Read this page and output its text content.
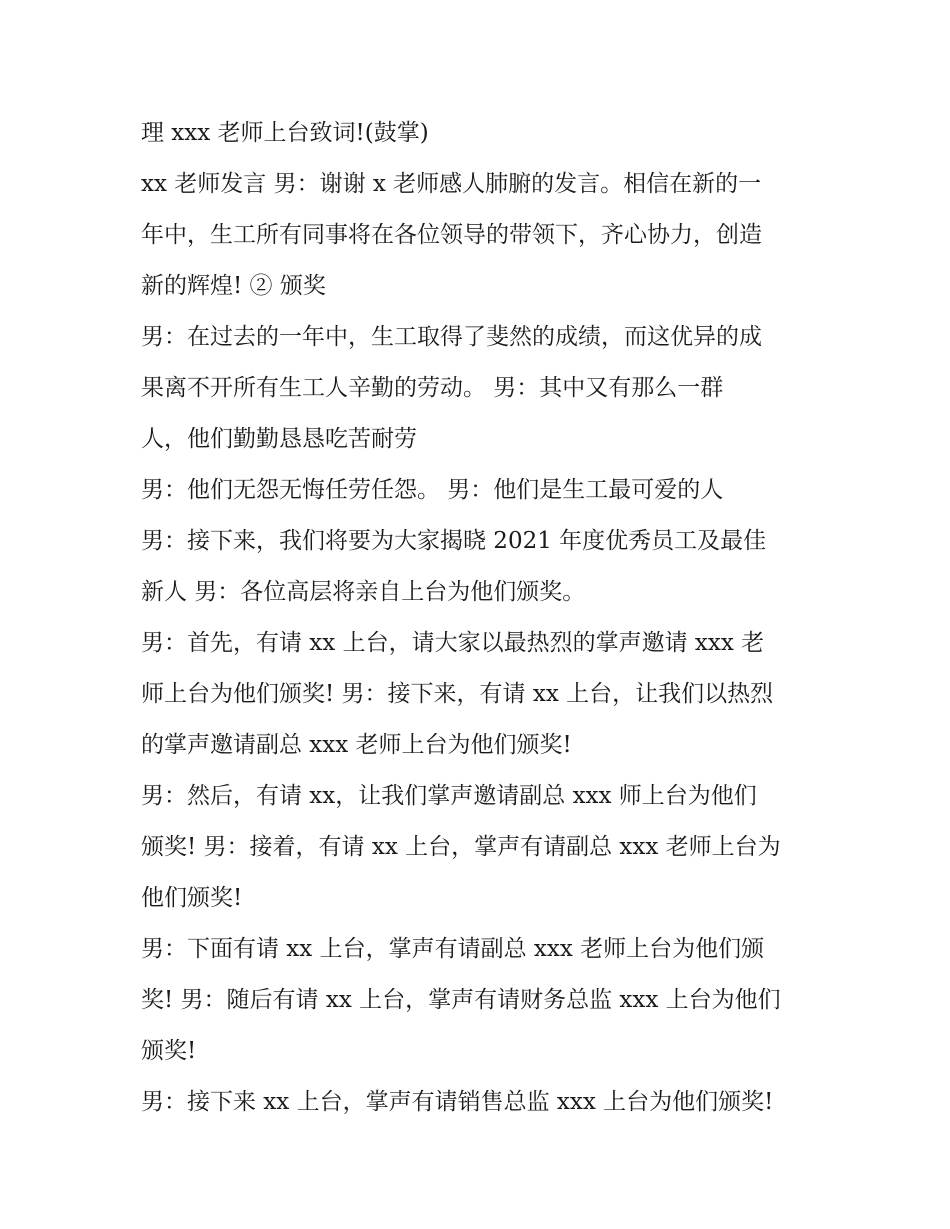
理 xxx 老师上台致词!(鼓掌)
xx 老师发言 男：谢谢 x 老师感人肺腑的发言。相信在新的一
年中，生工所有同事将在各位领导的带领下，齐心协力，创造
新的辉煌! ② 颁奖
男：在过去的一年中，生工取得了斐然的成绩，而这优异的成
果离不开所有生工人辛勤的劳动。 男：其中又有那么一群
人，他们勤勤恳恳吃苦耐劳
男：他们无怨无悔任劳任怨。 男：他们是生工最可爱的人
男：接下来，我们将要为大家揭晓 2021 年度优秀员工及最佳
新人 男：各位高层将亲自上台为他们颁奖。
男：首先，有请 xx 上台，请大家以最热烈的掌声邀请 xxx 老
师上台为他们颁奖! 男：接下来，有请 xx 上台，让我们以热烈
的掌声邀请副总 xxx 老师上台为他们颁奖!
男：然后，有请 xx，让我们掌声邀请副总 xxx 师上台为他们
颁奖! 男：接着，有请 xx 上台，掌声有请副总 xxx 老师上台为
他们颁奖!
男：下面有请 xx 上台，掌声有请副总 xxx 老师上台为他们颁
奖! 男：随后有请 xx 上台，掌声有请财务总监 xxx 上台为他们
颁奖!
男：接下来 xx 上台，掌声有请销售总监 xxx 上台为他们颁奖!
